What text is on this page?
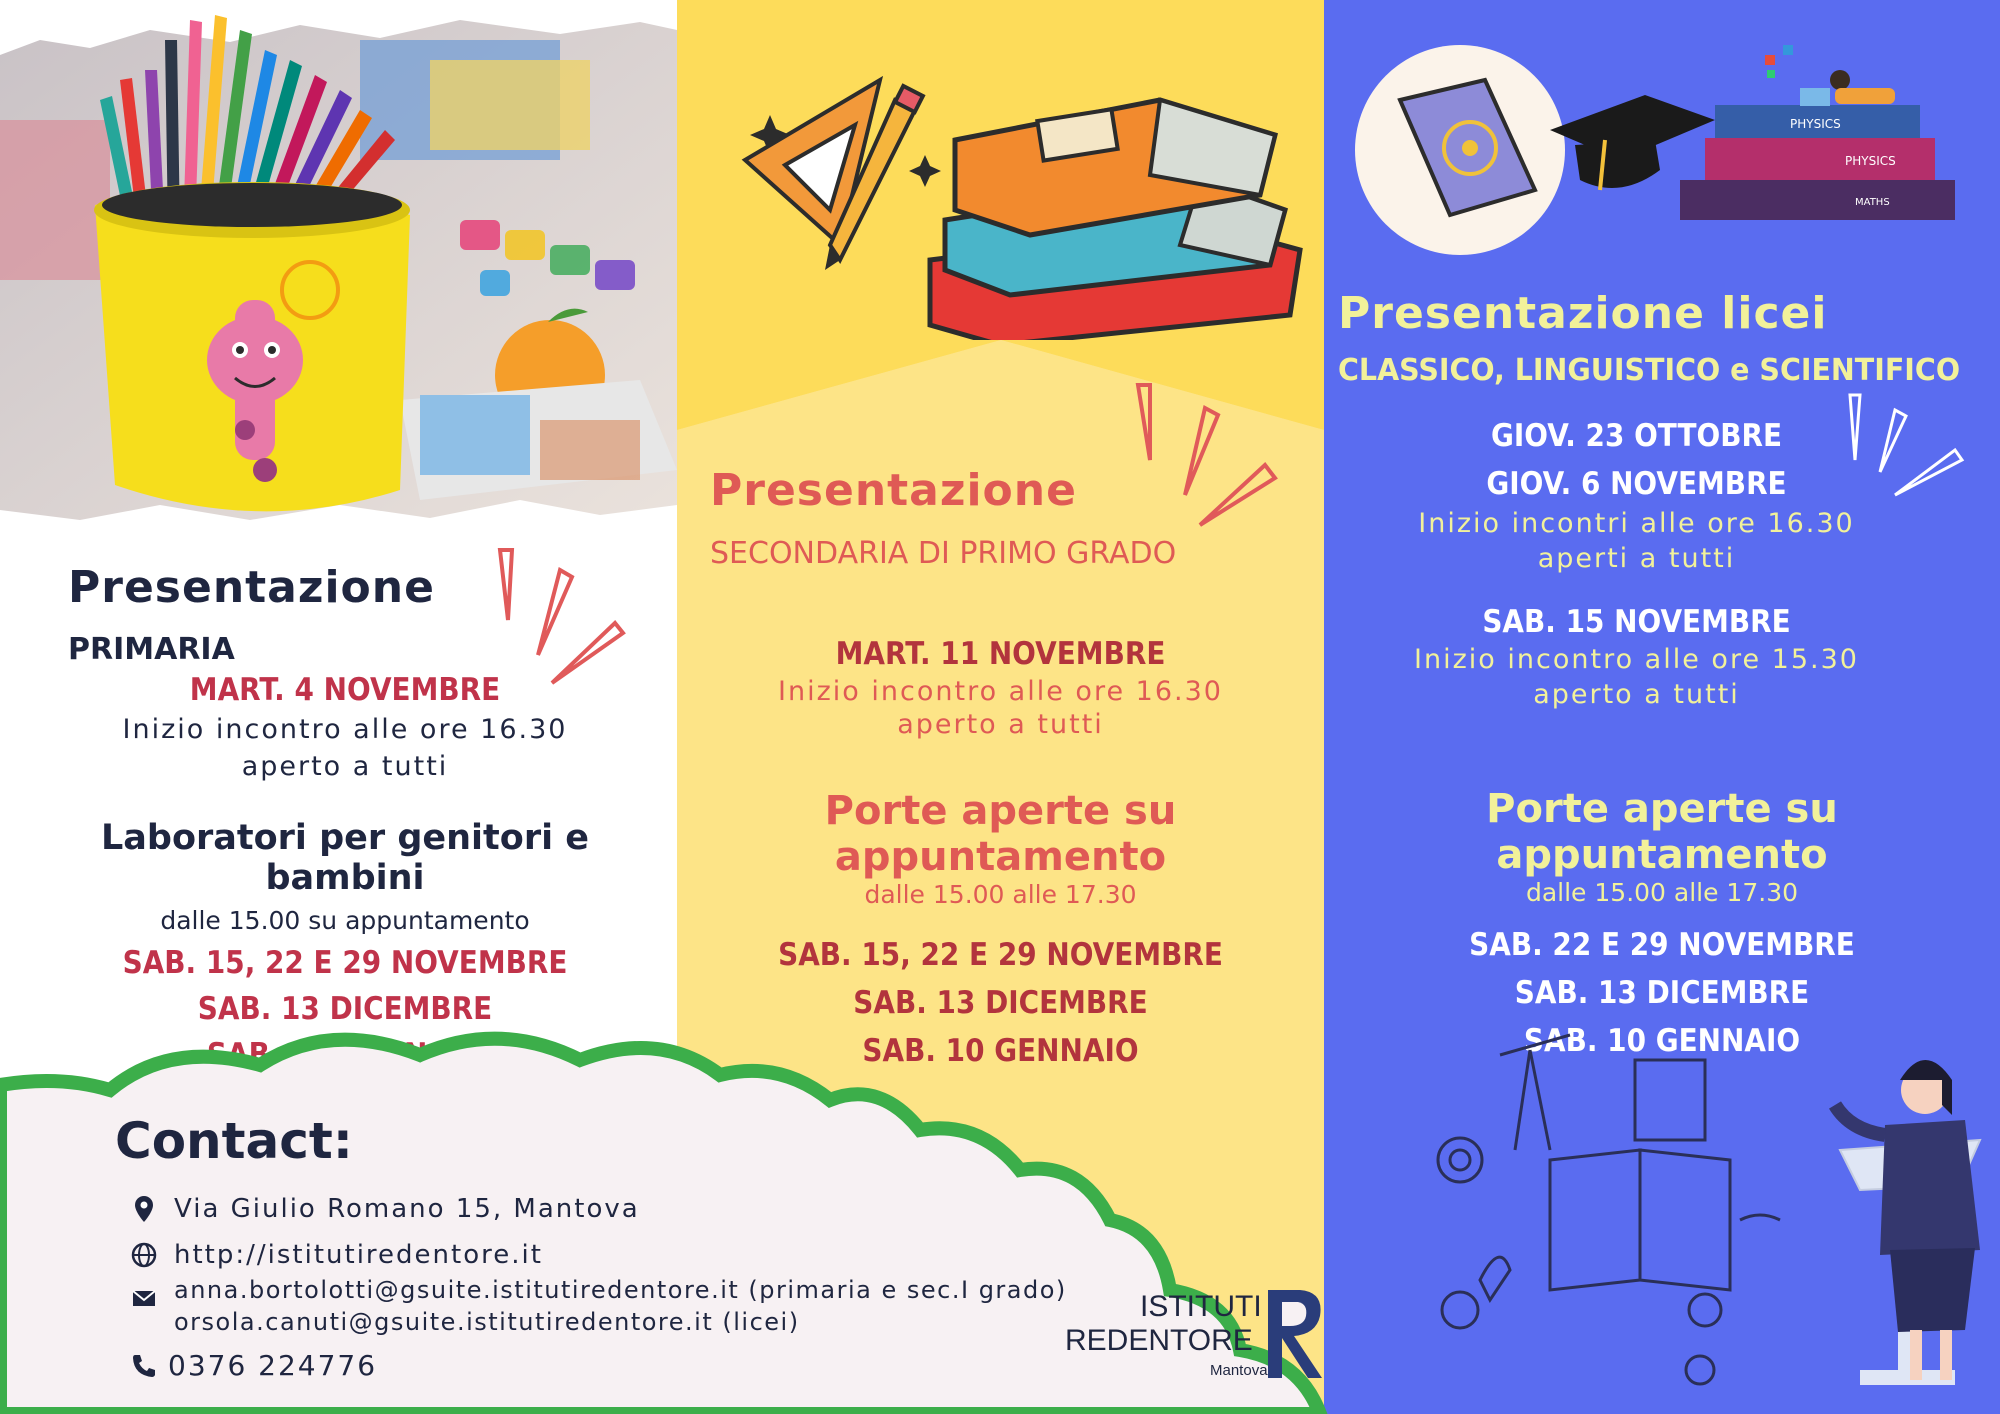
Presentazione
PRIMARIA
MART. 4 NOVEMBRE
Inizio incontro alle ore 16.30
aperto a tutti
Laboratori per genitori e bambini
dalle 15.00 su appuntamento
SAB. 15, 22 E 29 NOVEMBRE
SAB. 13 DICEMBRE
Presentazione
SECONDARIA DI PRIMO GRADO
MART. 11 NOVEMBRE
Inizio incontro alle ore 16.30
aperto a tutti
Porte aperte su appuntamento
dalle 15.00 alle 17.30
SAB. 15, 22 E 29 NOVEMBRE
SAB. 13 DICEMBRE
SAB. 10 GENNAIO
MATHS
PHYSICS
PHYSICS
Presentazione licei
CLASSICO, LINGUISTICO e SCIENTIFICO
GIOV. 23 OTTOBRE
GIOV. 6 NOVEMBRE
Inizio incontri alle ore 16.30
aperti a tutti
SAB. 15 NOVEMBRE
Inizio incontro alle ore 15.30
aperto a tutti
Porte aperte su appuntamento
dalle 15.00 alle 17.30
SAB. 22 E 29 NOVEMBRE
SAB. 13 DICEMBRE
SAB. 10 GENNAIO
Contact:
Via Giulio Romano 15, Mantova
http://istitutiredentore.it
anna.bortolotti@gsuite.istitutiredentore.it (primaria e sec.I grado)
orsola.canuti@gsuite.istitutiredentore.it (licei)
0376 224776
ISTITUTI
REDENTORE
Mantova
